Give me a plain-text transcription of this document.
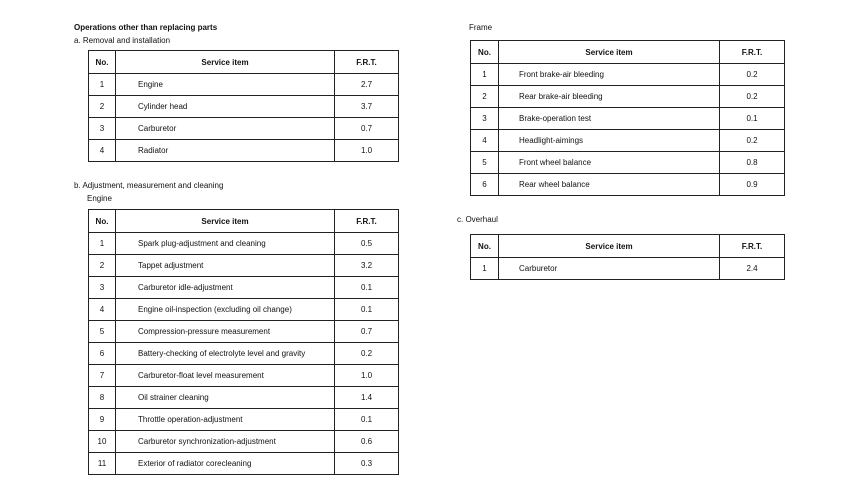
Operations other than replacing parts
a. Removal and installation
b. Adjustment, measurement and cleaning
Engine
Frame
c. Overhaul
No.	Service item	F.R.T.
1	Engine	2.7
2	Cylinder head	3.7
3	Carburetor	0.7
4	Radiator	1.0
No.	Service item	F.R.T.
1	Spark plug-adjustment and cleaning	0.5
2	Tappet adjustment	3.2
3	Carburetor idle-adjustment	0.1
4	Engine oil-inspection (excluding oil change)	0.1
5	Compression-pressure measurement	0.7
6	Battery-checking of electrolyte level and gravity	0.2
7	Carburetor-float level measurement	1.0
8	Oil strainer cleaning	1.4
9	Throttle operation-adjustment	0.1
10	Carburetor synchronization-adjustment	0.6
11	Exterior of radiator corecleaning	0.3
No.	Service item	F.R.T.
1	Front brake-air bleeding	0.2
2	Rear brake-air bleeding	0.2
3	Brake-operation test	0.1
4	Headlight-aimings	0.2
5	Front wheel balance	0.8
6	Rear wheel balance	0.9
No.	Service item	F.R.T.
1	Carburetor	2.4
